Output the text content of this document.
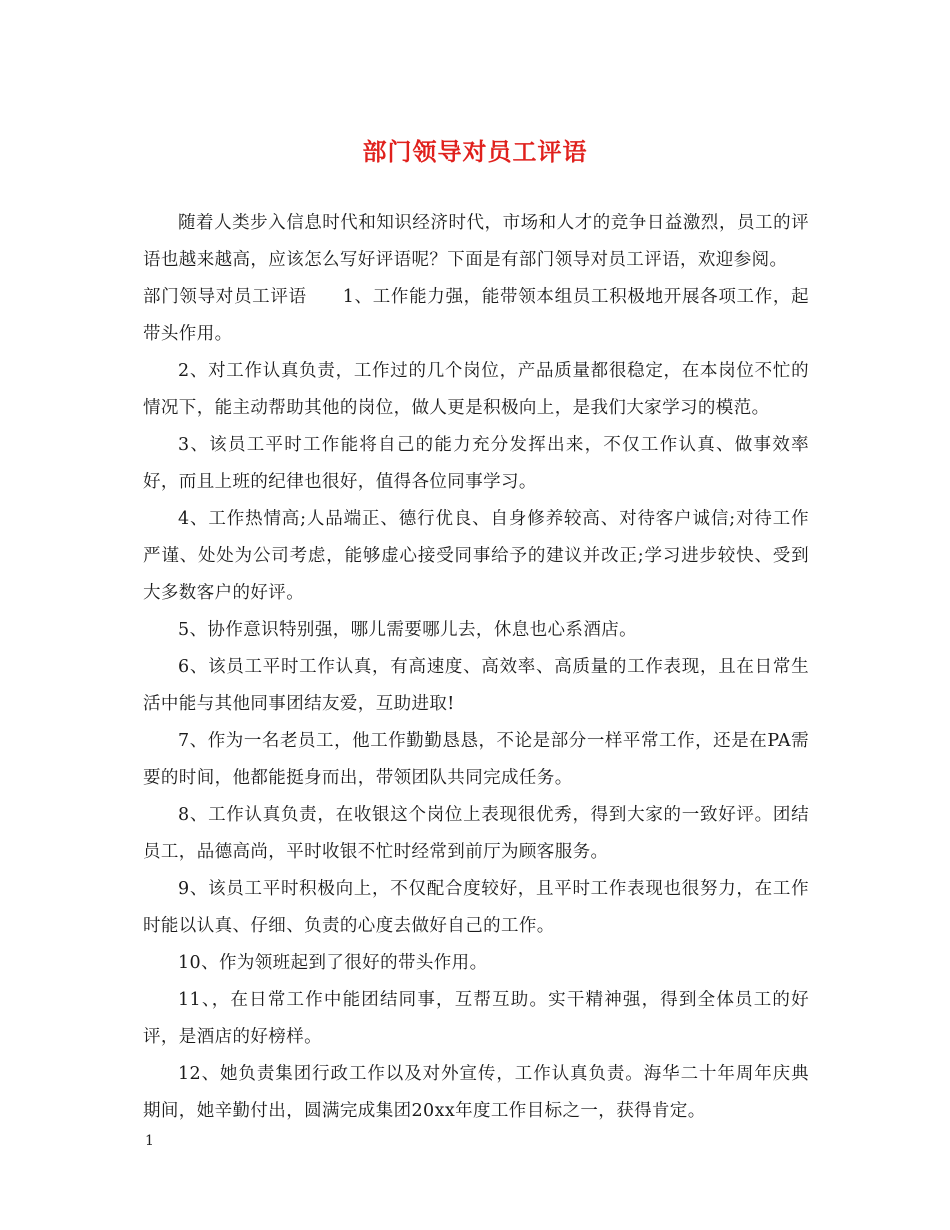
部门领导对员工评语

随着人类步入信息时代和知识经济时代，市场和人才的竞争日益激烈，员工的评语也越来越高，应该怎么写好评语呢？下面是有部门领导对员工评语，欢迎参阅。

部门领导对员工评语 1、工作能力强，能带领本组员工积极地开展各项工作，起带头作用。

2、对工作认真负责，工作过的几个岗位，产品质量都很稳定，在本岗位不忙的情况下，能主动帮助其他的岗位，做人更是积极向上，是我们大家学习的模范。

3、该员工平时工作能将自己的能力充分发挥出来，不仅工作认真、做事效率好，而且上班的纪律也很好，值得各位同事学习。

4、工作热情高;人品端正、德行优良、自身修养较高、对待客户诚信;对待工作严谨、处处为公司考虑，能够虚心接受同事给予的建议并改正;学习进步较快、受到大多数客户的好评。

5、协作意识特别强，哪儿需要哪儿去，休息也心系酒店。

6、该员工平时工作认真，有高速度、高效率、高质量的工作表现，且在日常生活中能与其他同事团结友爱，互助进取!

7、作为一名老员工，他工作勤勤恳恳，不论是部分一样平常工作，还是在PA需要的时间，他都能挺身而出，带领团队共同完成任务。

8、工作认真负责，在收银这个岗位上表现很优秀，得到大家的一致好评。团结员工，品德高尚，平时收银不忙时经常到前厅为顾客服务。

9、该员工平时积极向上，不仅配合度较好，且平时工作表现也很努力，在工作时能以认真、仔细、负责的心度去做好自己的工作。

10、作为领班起到了很好的带头作用。

11、，在日常工作中能团结同事，互帮互助。实干精神强，得到全体员工的好评，是酒店的好榜样。

12、她负责集团行政工作以及对外宣传，工作认真负责。海华二十年周年庆典期间，她辛勤付出，圆满完成集团20xx年度工作目标之一，获得肯定。

1
